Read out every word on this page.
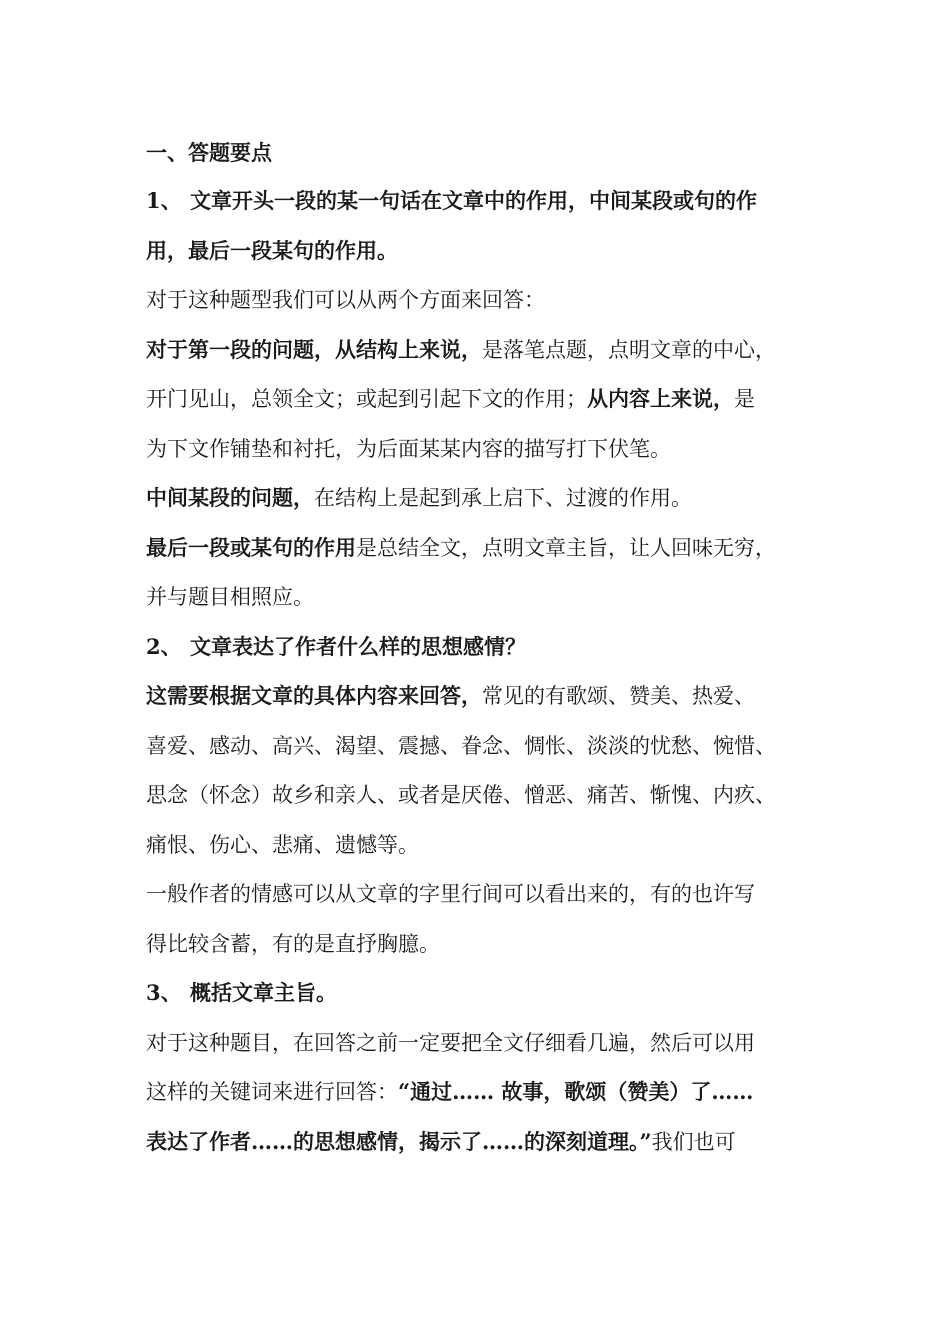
一、答题要点
1、 文章开头一段的某一句话在文章中的作用，中间某段或句的作
用，最后一段某句的作用。
对于这种题型我们可以从两个方面来回答：
对于第一段的问题，从结构上来说，是落笔点题，点明文章的中心，
开门见山，总领全文；或起到引起下文的作用；从内容上来说，是
为下文作铺垫和衬托，为后面某某内容的描写打下伏笔。
中间某段的问题，在结构上是起到承上启下、过渡的作用。
最后一段或某句的作用是总结全文，点明文章主旨，让人回味无穷，
并与题目相照应。
2、 文章表达了作者什么样的思想感情？
这需要根据文章的具体内容来回答，常见的有歌颂、赞美、热爱、
喜爱、感动、高兴、渴望、震撼、眷念、惆怅、淡淡的忧愁、惋惜、
思念（怀念）故乡和亲人、或者是厌倦、憎恶、痛苦、惭愧、内疚、
痛恨、伤心、悲痛、遗憾等。
一般作者的情感可以从文章的字里行间可以看出来的，有的也许写
得比较含蓄，有的是直抒胸臆。
3、 概括文章主旨。
对于这种题目，在回答之前一定要把全文仔细看几遍，然后可以用
这样的关键词来进行回答：“通过…… 故事，歌颂（赞美）了……
表达了作者……的思想感情，揭示了……的深刻道理。”我们也可
